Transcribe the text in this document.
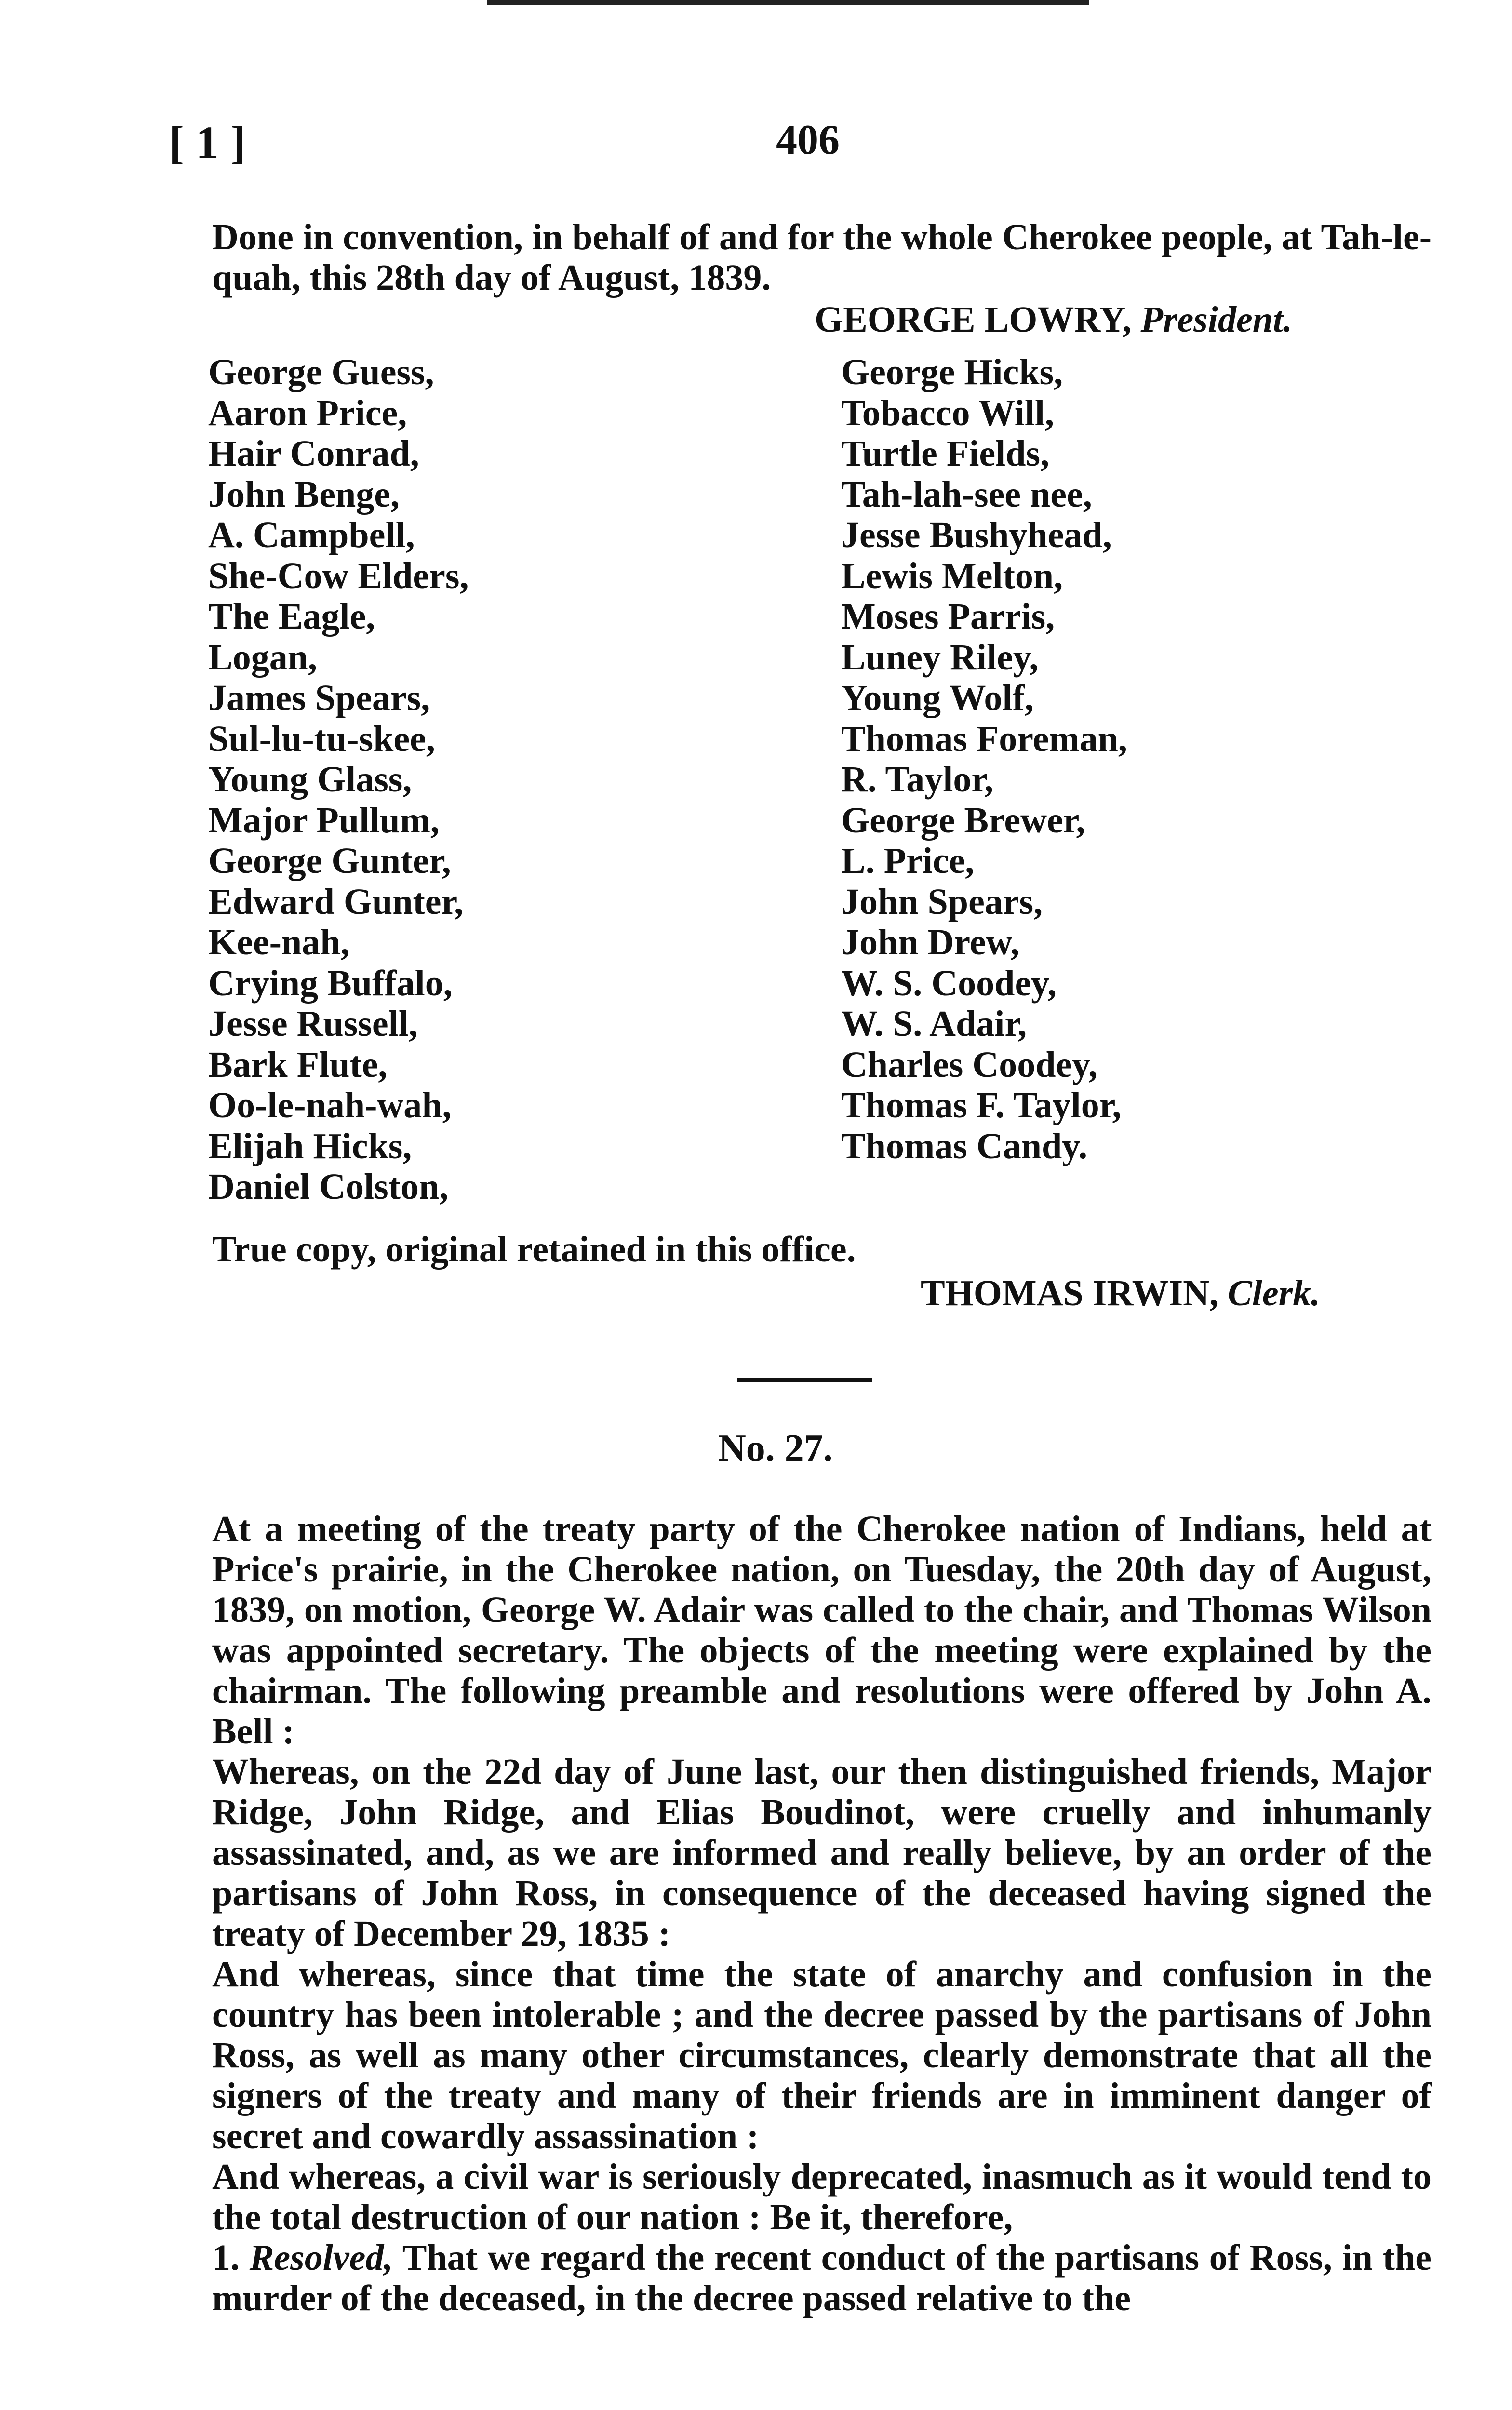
[ 1 ]	406
Done in convention, in behalf of and for the whole Cherokee people, at Tah-le-quah, this 28th day of August, 1839.
GEORGE LOWRY, President.
George Guess,
Aaron Price,
Hair Conrad,
John Benge,
A. Campbell,
She-Cow Elders,
The Eagle,
Logan,
James Spears,
Sul-lu-tu-skee,
Young Glass,
Major Pullum,
George Gunter,
Edward Gunter,
Kee-nah,
Crying Buffalo,
Jesse Russell,
Bark Flute,
Oo-le-nah-wah,
Elijah Hicks,
Daniel Colston,
George Hicks,
Tobacco Will,
Turtle Fields,
Tah-lah-see nee,
Jesse Bushyhead,
Lewis Melton,
Moses Parris,
Luney Riley,
Young Wolf,
Thomas Foreman,
R. Taylor,
George Brewer,
L. Price,
John Spears,
John Drew,
W. S. Coodey,
W. S. Adair,
Charles Coodey,
Thomas F. Taylor,
Thomas Candy.
True copy, original retained in this office.
THOMAS IRWIN, Clerk.
No. 27.

At a meeting of the treaty party of the Cherokee nation of Indians, held at Price's prairie, in the Cherokee nation, on Tuesday, the 20th day of August, 1839, on motion, George W. Adair was called to the chair, and Thomas Wilson was appointed secretary. The objects of the meeting were explained by the chairman. The following preamble and resolutions were offered by John A. Bell :

Whereas, on the 22d day of June last, our then distinguished friends, Major Ridge, John Ridge, and Elias Boudinot, were cruelly and inhumanly assassinated, and, as we are informed and really believe, by an order of the partisans of John Ross, in consequence of the deceased having signed the treaty of December 29, 1835 :

And whereas, since that time the state of anarchy and confusion in the country has been intolerable ; and the decree passed by the partisans of John Ross, as well as many other circumstances, clearly demonstrate that all the signers of the treaty and many of their friends are in imminent danger of secret and cowardly assassination :

And whereas, a civil war is seriously deprecated, inasmuch as it would tend to the total destruction of our nation : Be it, therefore,

1. Resolved, That we regard the recent conduct of the partisans of Ross, in the murder of the deceased, in the decree passed relative to the
